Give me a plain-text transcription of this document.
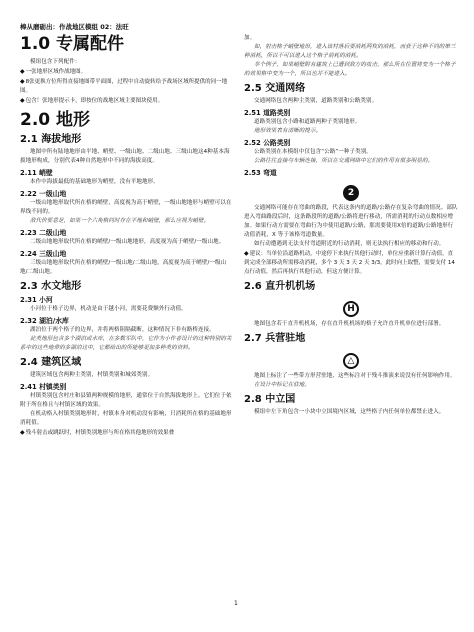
棒从磨砺出：作战地区模组 02：法旺
1.0 专属配件

模组包含下列配件：

◆一张地形区域作战地图。

◆8张更换方位所得直接地图带平面图，过程中自动旋转给予战场区域所提供的同一地图。

◆包含！张地形提示卡，即按位的战地区域主要图块使用。

2.0 地形
2.1 海拔地形

地图中所有陆地地形由平地、峭壁、一级山地、二级山地、三级山地这4种基本海拔地形构成，分别代表4种自然地形中不同的海拔高度。

2.11 峭壁

本作中海拔最低的基础地形为峭壁，没有平地地形。

2.22 一级山地

一级山地地形取代所在格的峭壁，高度视为高于峭壁，一级山地地形与峭壁可以在界线不同的。

敌代价要意是，如果一个六角格同时存在平地和峭壁，那么应视为峭壁。

2.23 二级山地

二级山地地形取代所在格的峭壁/一级山地地形，高度视为高于峭壁/一级山地。

2.24 三级山地

三级山地地形取代所在格的峭壁/一级山地/二级山地，高度视为高于峭壁/一级山地/二级山地。

2.3 水文地形
2.31 小河

小河位于格子边界，机动是由于越小河，需要花费额外行动值。

2.32 湖泊/水库

湖泊位于两个格子的边界，并将两格阻隔截断，这种情况下非有路桥连接。

此类地形包含多个湖泊或水库，在多数军队中，它作为小作者设计的这种特别的关系中的这些地带的多湖泊这中，它都给出的所能够更加多种类的资料。

2.4 建筑区域

建筑区域包含两种主类别，村镇类别和城郊类别。

2.41 村镇类别

村镇类别包含村庄和县镇两种规模的地形，通常位于自然海拔地形上。它们位于依附于所在格且与村镇区域的效果。

在机动格入村镇类别地形时，村镇本身对机动没有影响，只消耗所在格的基础地形消耗值。

◆残斗射击或跳跃时，村镇类别地形与所在格其他地形的效果叠

加。

如，射击格子峭壁地形，进入该村落后要消耗两枚的消耗，而获于这种不同的第三种消耗，所以不可以进入这个格子消耗的消耗。

举个例子，如果峭壁附有建筑上已遭到敌方的攻击，那么所在位置将变为一个格子的效果格中变为一个，所以也并不能进入。

2.5 交通网络

交通网络包含两种主类别，道路类别和公路类别。

2.51 道路类别

道路类别包含小路和道路两种子类别地形。

地形效果表有清晰的提示。

2.52 公路类别

公路类别在本模组中仅包含“公路”一种子类别。

公路往往直接与车辆连接，所以在交通网络中它们的作用有很多明显的。

2.53 弯道
2

交通网络可能存在弯曲的路段，代表这条内的道路/公路存在复杂弯曲的情况。部队进入弯曲路段后时，这条路段所的道路/公路将进行移动，所需消耗的行动点数相应增加。如果行动方需要在弯曲行为中使用道路/公路，那需要使用X倍的道路/公路地形行动值消耗，X 等于该格弯道数量。

如行动遭遇到无法支付弯道附近的行动消耗，则无法执行相应的移动和行动。

◆建议：当单位沿道路机动，中途停下来执行其他行动时，单位应重新计算行动值，直到完成全部移动所需移动消耗，多个 3 天 3 天 2 天 3/3，此时向上取整，需要支付 14 点行动值，然后再执行其他行动，但这方便计算。

2.6 直升机机场
H

地图包含若干直升机机场，存在直升机机场的格子允许直升机单位进行部署。

2.7 兵营驻地
△

地图上标注了一些带方形营驻地，这些标注对于残斗推演来说没有任何影响作用。

在设计中标记在驻地。

2.8 中立国

模组中左下角包含一小块中立国境内区域，这些格子内任何单位都禁止进入。

1
